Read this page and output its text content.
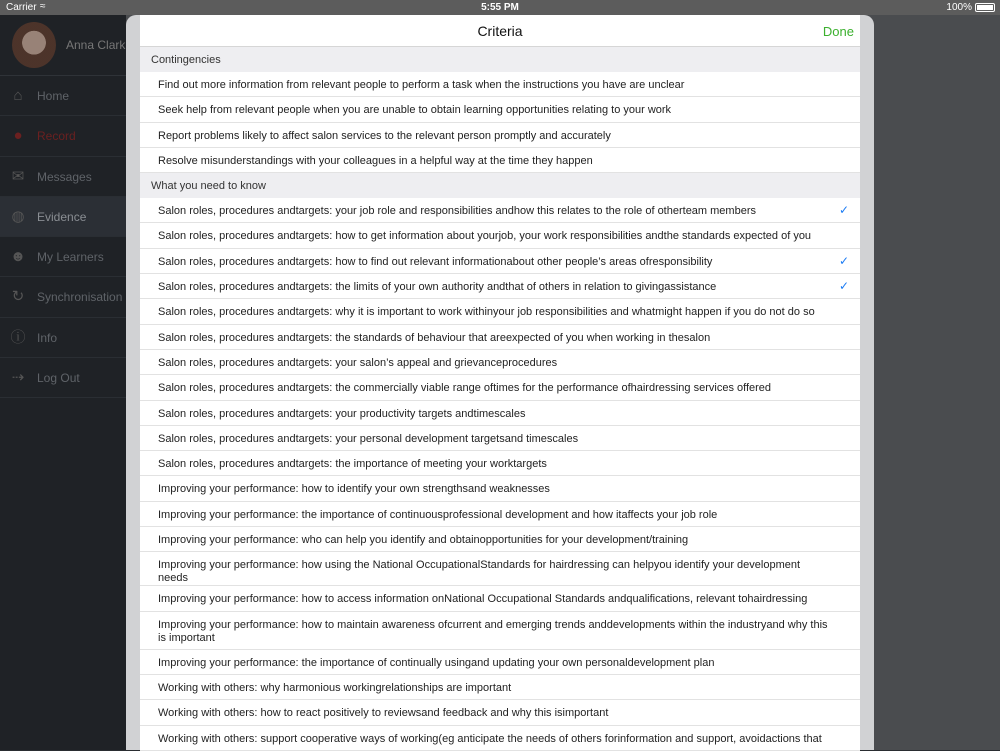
Carrier ≈	5:55 PM	100%
Anna Clark
⌂	Home
●	Record
✉ Messages
◍ Evidence
☻ My Learners
↻ Synchronisation
ⓘ Info
⇢ Log Out
Criteria	Done
Contingencies
Find out more information from relevant people to perform a task when the instructions you have are unclear
Seek help from relevant people when you are unable to obtain learning opportunities relating to your work
Report problems likely to affect salon services to the relevant person promptly and accurately
Resolve misunderstandings with your colleagues in a helpful way at the time they happen
What you need to know
Salon roles, procedures andtargets: your job role and responsibilities andhow this relates to the role of otherteam members	✓
Salon roles, procedures andtargets: how to get information about yourjob, your work responsibilities andthe standards expected of you
Salon roles, procedures andtargets: how to find out relevant informationabout other people’s areas ofresponsibility	✓
Salon roles, procedures andtargets: the limits of your own authority andthat of others in relation to givingassistance	✓
Salon roles, procedures andtargets: why it is important to work withinyour job responsibilities and whatmight happen if you do not do so
Salon roles, procedures andtargets: the standards of behaviour that areexpected of you when working in thesalon
Salon roles, procedures andtargets: your salon’s appeal and grievanceprocedures
Salon roles, procedures andtargets: the commercially viable range oftimes for the performance ofhairdressing services offered
Salon roles, procedures andtargets: your productivity targets andtimescales
Salon roles, procedures andtargets: your personal development targetsand timescales
Salon roles, procedures andtargets: the importance of meeting your worktargets
Improving your performance: how to identify your own strengthsand weaknesses
Improving your performance: the importance of continuousprofessional development and how itaffects your job role
Improving your performance: who can help you identify and obtainopportunities for your development/training
Improving your performance: how using the National OccupationalStandards for hairdressing can helpyou identify your development needs
Improving your performance: how to access information onNational Occupational Standards andqualifications, relevant tohairdressing
Improving your performance: how to maintain awareness ofcurrent and emerging trends anddevelopments within the industryand why this is important
Improving your performance: the importance of continually usingand updating your own personaldevelopment plan
Working with others: why harmonious workingrelationships are important
Working with others: how to react positively to reviewsand feedback and why this isimportant
Working with others: support cooperative ways of working(eg anticipate the needs of others forinformation and support, avoidactions that
